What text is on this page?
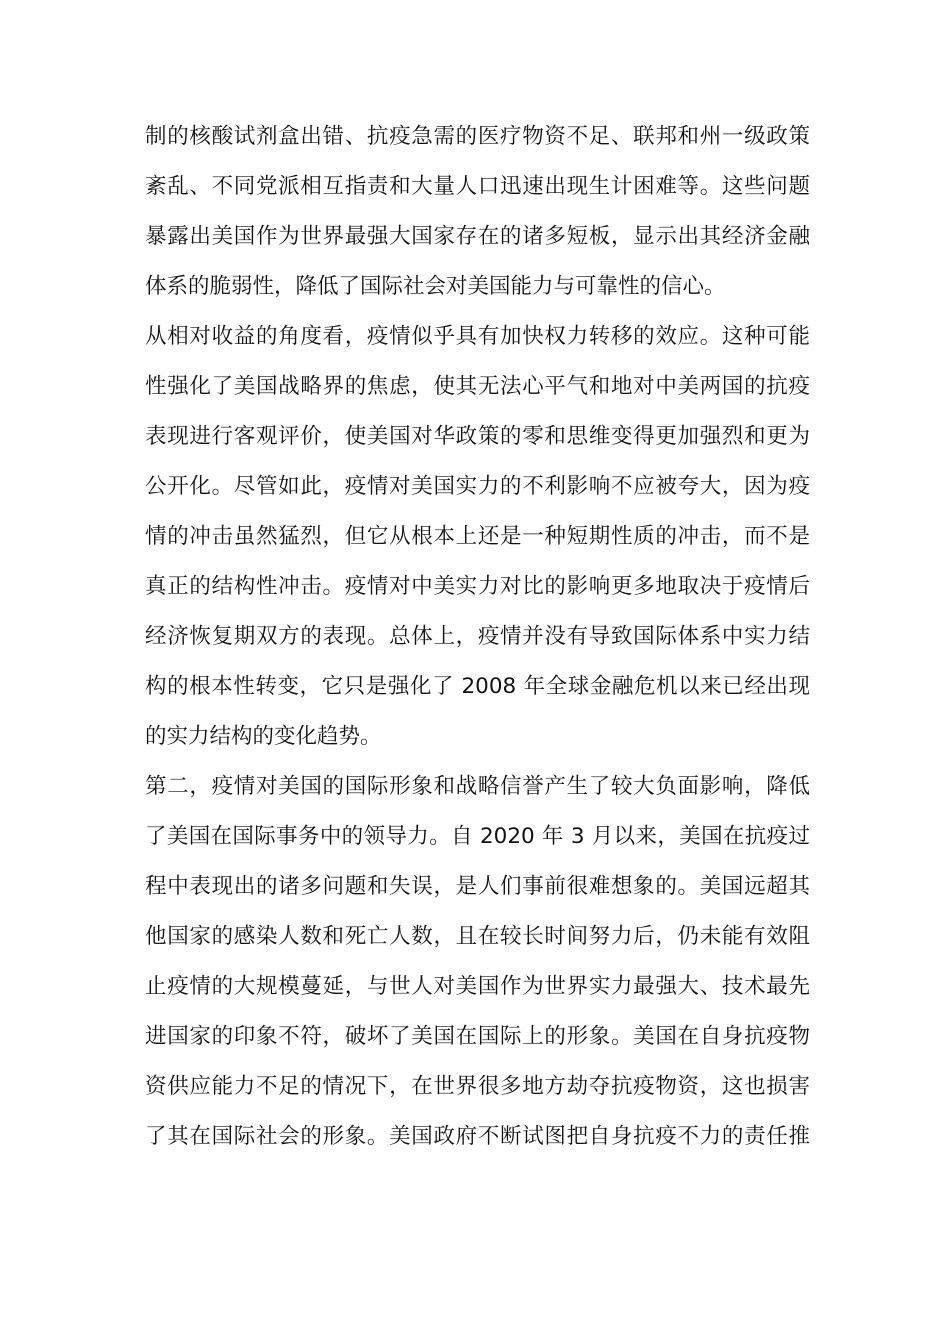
制的核酸试剂盒出错、抗疫急需的医疗物资不足、联邦和州一级政策
紊乱、不同党派相互指责和大量人口迅速出现生计困难等。这些问题
暴露出美国作为世界最强大国家存在的诸多短板，显示出其经济金融
体系的脆弱性，降低了国际社会对美国能力与可靠性的信心。
从相对收益的角度看，疫情似乎具有加快权力转移的效应。这种可能
性强化了美国战略界的焦虑，使其无法心平气和地对中美两国的抗疫
表现进行客观评价，使美国对华政策的零和思维变得更加强烈和更为
公开化。尽管如此，疫情对美国实力的不利影响不应被夸大，因为疫
情的冲击虽然猛烈，但它从根本上还是一种短期性质的冲击，而不是
真正的结构性冲击。疫情对中美实力对比的影响更多地取决于疫情后
经济恢复期双方的表现。总体上，疫情并没有导致国际体系中实力结
构的根本性转变，它只是强化了 2008 年全球金融危机以来已经出现
的实力结构的变化趋势。
第二，疫情对美国的国际形象和战略信誉产生了较大负面影响，降低
了美国在国际事务中的领导力。自 2020 年 3 月以来，美国在抗疫过
程中表现出的诸多问题和失误，是人们事前很难想象的。美国远超其
他国家的感染人数和死亡人数，且在较长时间努力后，仍未能有效阻
止疫情的大规模蔓延，与世人对美国作为世界实力最强大、技术最先
进国家的印象不符，破坏了美国在国际上的形象。美国在自身抗疫物
资供应能力不足的情况下，在世界很多地方劫夺抗疫物资，这也损害
了其在国际社会的形象。美国政府不断试图把自身抗疫不力的责任推
